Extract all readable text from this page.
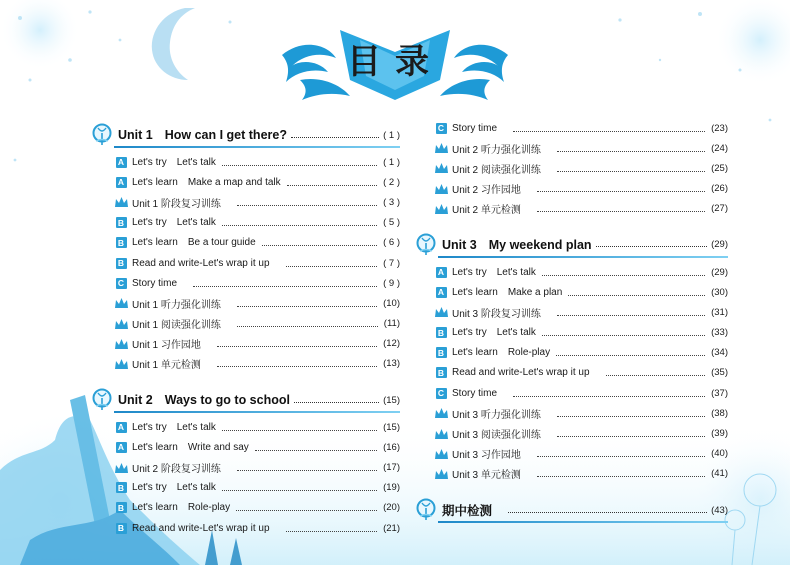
目录
Unit 1 How can I get there?	( 1 )
A Let's try Let's talk	( 1 )
A Let's learn Make a map and talk	( 2 )
Unit 1 阶段复习训练	( 3 )
B Let's try Let's talk	( 5 )
B Let's learn Be a tour guide	( 6 )
B Read and write-Let's wrap it up	( 7 )
C Story time	( 9 )
Unit 1 听力强化训练	(10)
Unit 1 阅读强化训练	(11)
Unit 1 习作园地	(12)
Unit 1 单元检测	(13)
Unit 2 Ways to go to school	(15)
A Let's try Let's talk	(15)
A Let's learn Write and say	(16)
Unit 2 阶段复习训练	(17)
B Let's try Let's talk	(19)
B Let's learn Role-play	(20)
B Read and write-Let's wrap it up	(21)
C Story time	(23)
Unit 2 听力强化训练	(24)
Unit 2 阅读强化训练	(25)
Unit 2 习作园地	(26)
Unit 2 单元检测	(27)
Unit 3 My weekend plan	(29)
A Let's try Let's talk	(29)
A Let's learn Make a plan	(30)
Unit 3 阶段复习训练	(31)
B Let's try Let's talk	(33)
B Let's learn Role-play	(34)
B Read and write-Let's wrap it up	(35)
C Story time	(37)
Unit 3 听力强化训练	(38)
Unit 3 阅读强化训练	(39)
Unit 3 习作园地	(40)
Unit 3 单元检测	(41)
期中检测	(43)
